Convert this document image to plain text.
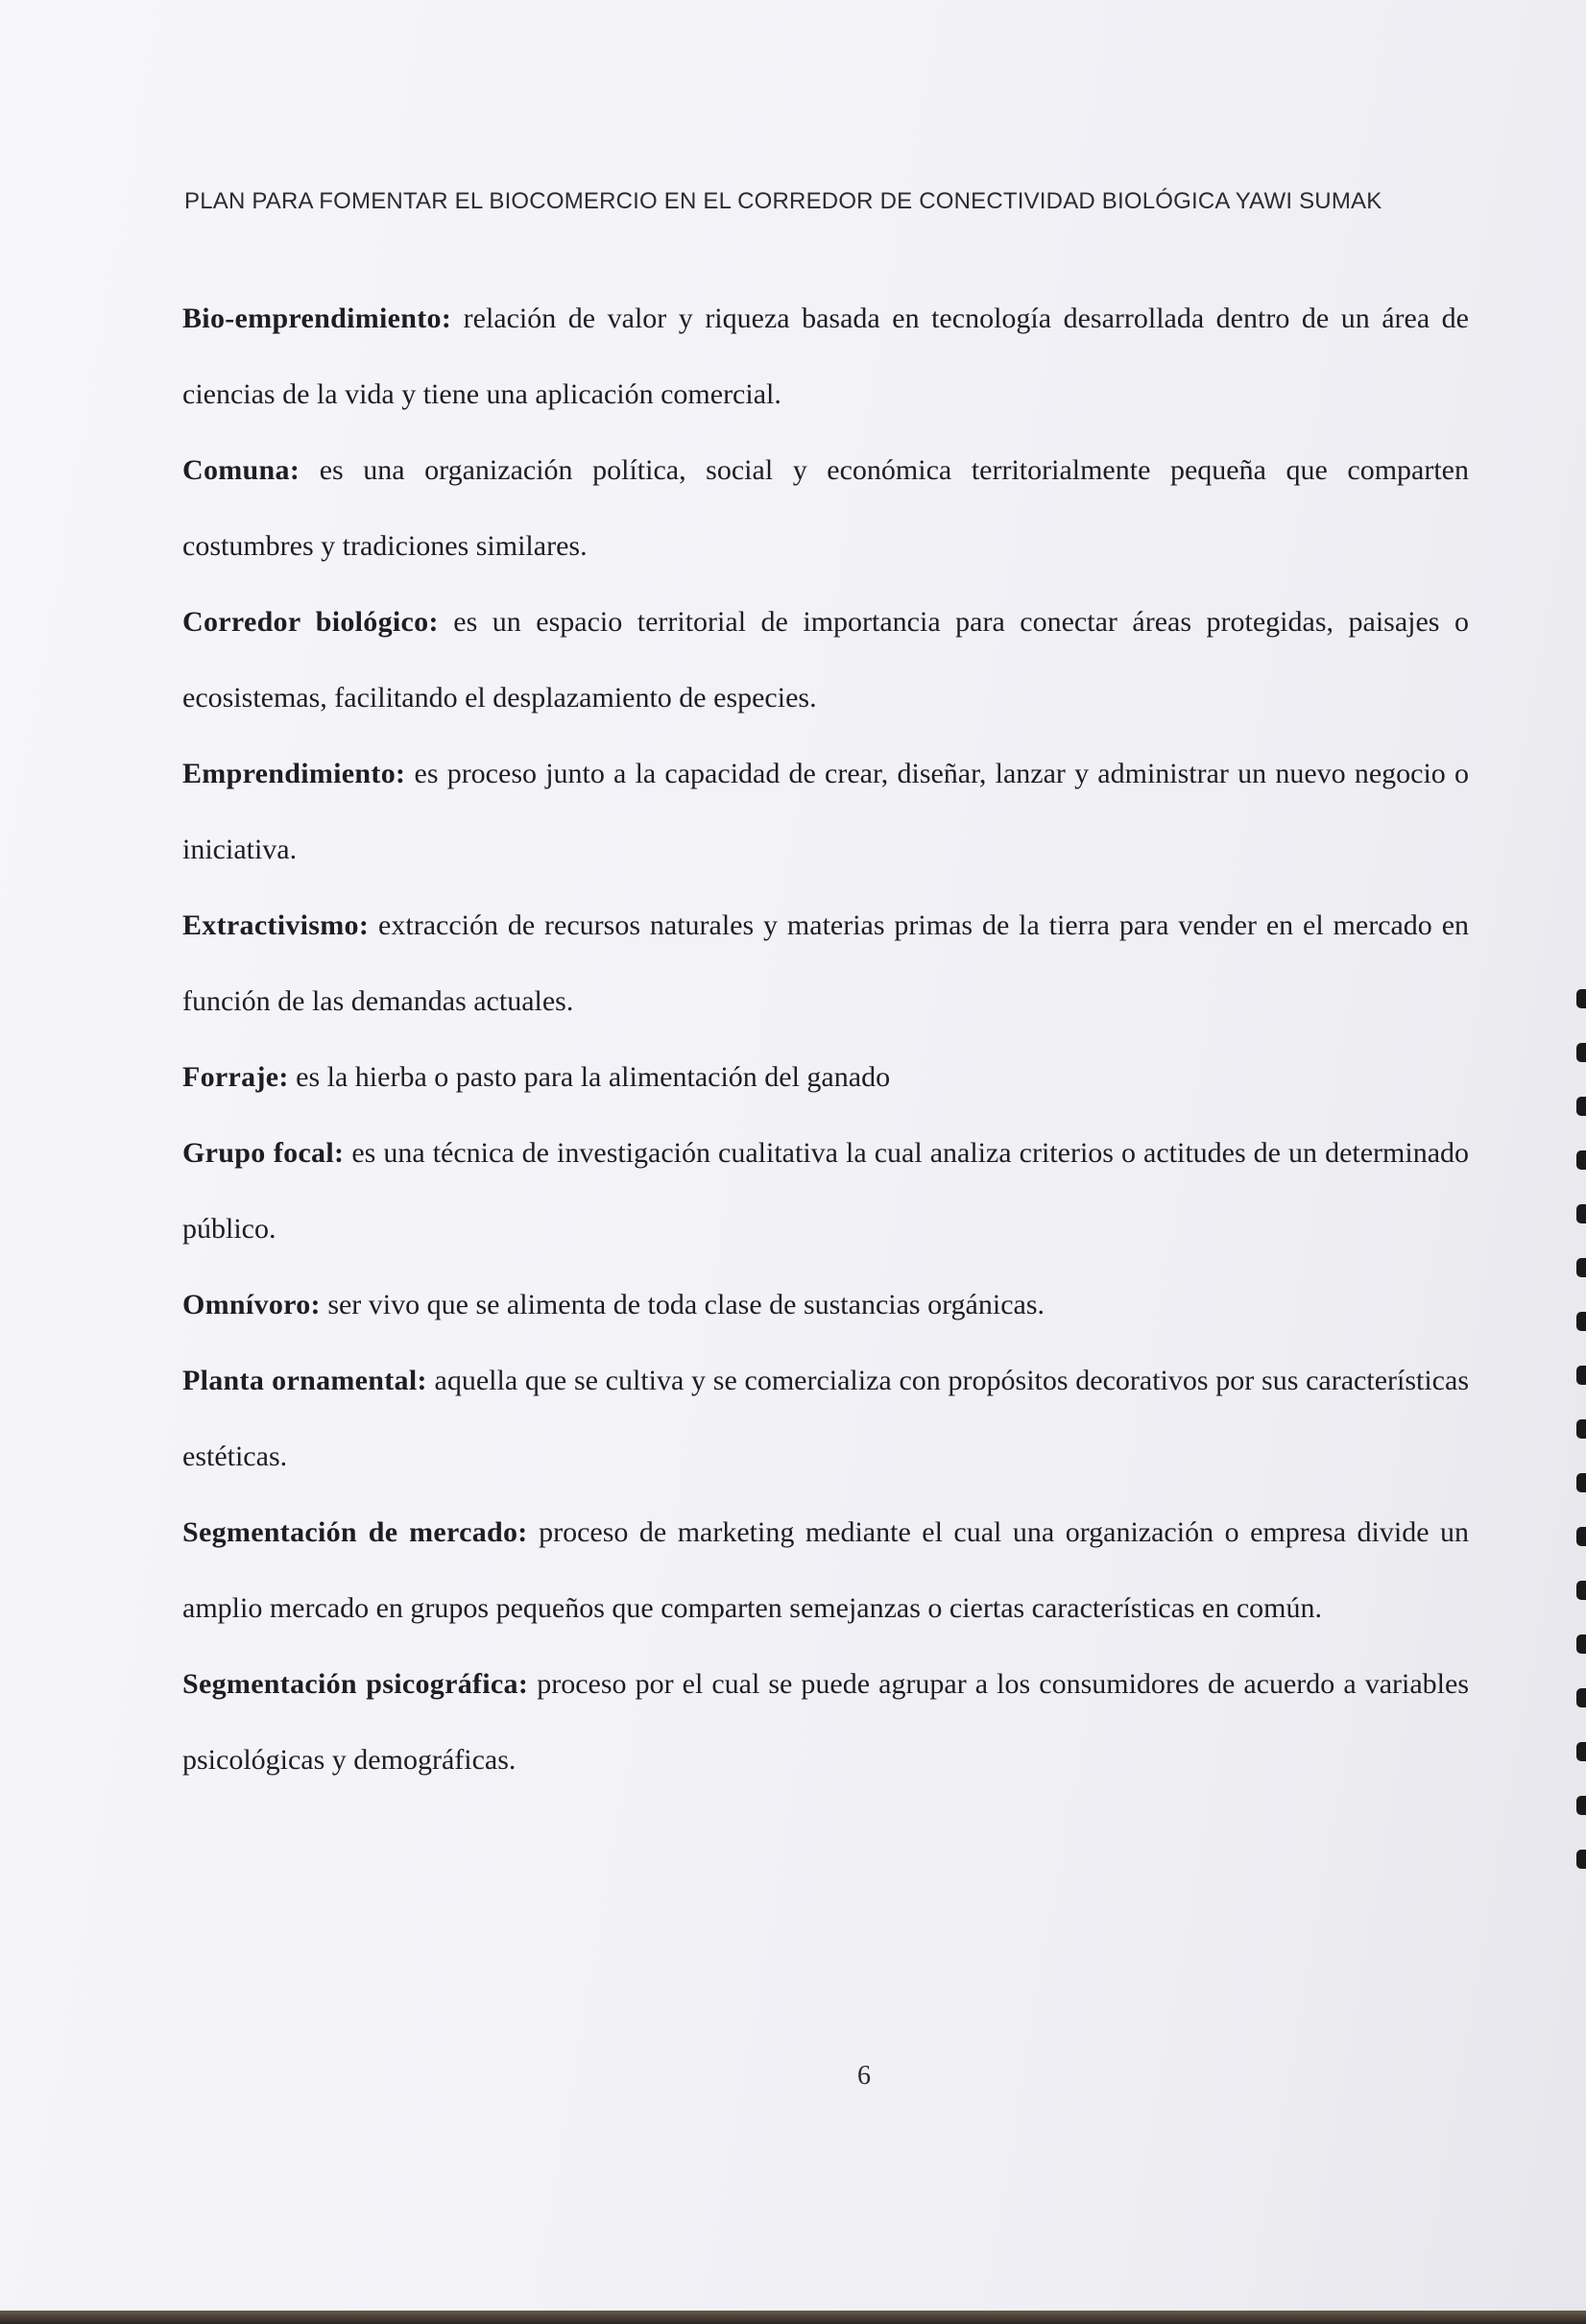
PLAN PARA FOMENTAR EL BIOCOMERCIO EN EL CORREDOR DE CONECTIVIDAD BIOLÓGICA YAWI SUMAK

Bio-emprendimiento: relación de valor y riqueza basada en tecnología desarrollada dentro de un área de ciencias de la vida y tiene una aplicación comercial.

Comuna: es una organización política, social y económica territorialmente pequeña que comparten costumbres y tradiciones similares.

Corredor biológico: es un espacio territorial de importancia para conectar áreas protegidas, paisajes o ecosistemas, facilitando el desplazamiento de especies.

Emprendimiento: es proceso junto a la capacidad de crear, diseñar, lanzar y administrar un nuevo negocio o iniciativa.

Extractivismo: extracción de recursos naturales y materias primas de la tierra para vender en el mercado en función de las demandas actuales.

Forraje: es la hierba o pasto para la alimentación del ganado

Grupo focal: es una técnica de investigación cualitativa la cual analiza criterios o actitudes de un determinado público.

Omnívoro: ser vivo que se alimenta de toda clase de sustancias orgánicas.

Planta ornamental: aquella que se cultiva y se comercializa con propósitos decorativos por sus características estéticas.

Segmentación de mercado: proceso de marketing mediante el cual una organización o empresa divide un amplio mercado en grupos pequeños que comparten semejanzas o ciertas características en común.

Segmentación psicográfica: proceso por el cual se puede agrupar a los consumidores de acuerdo a variables psicológicas y demográficas.

6
